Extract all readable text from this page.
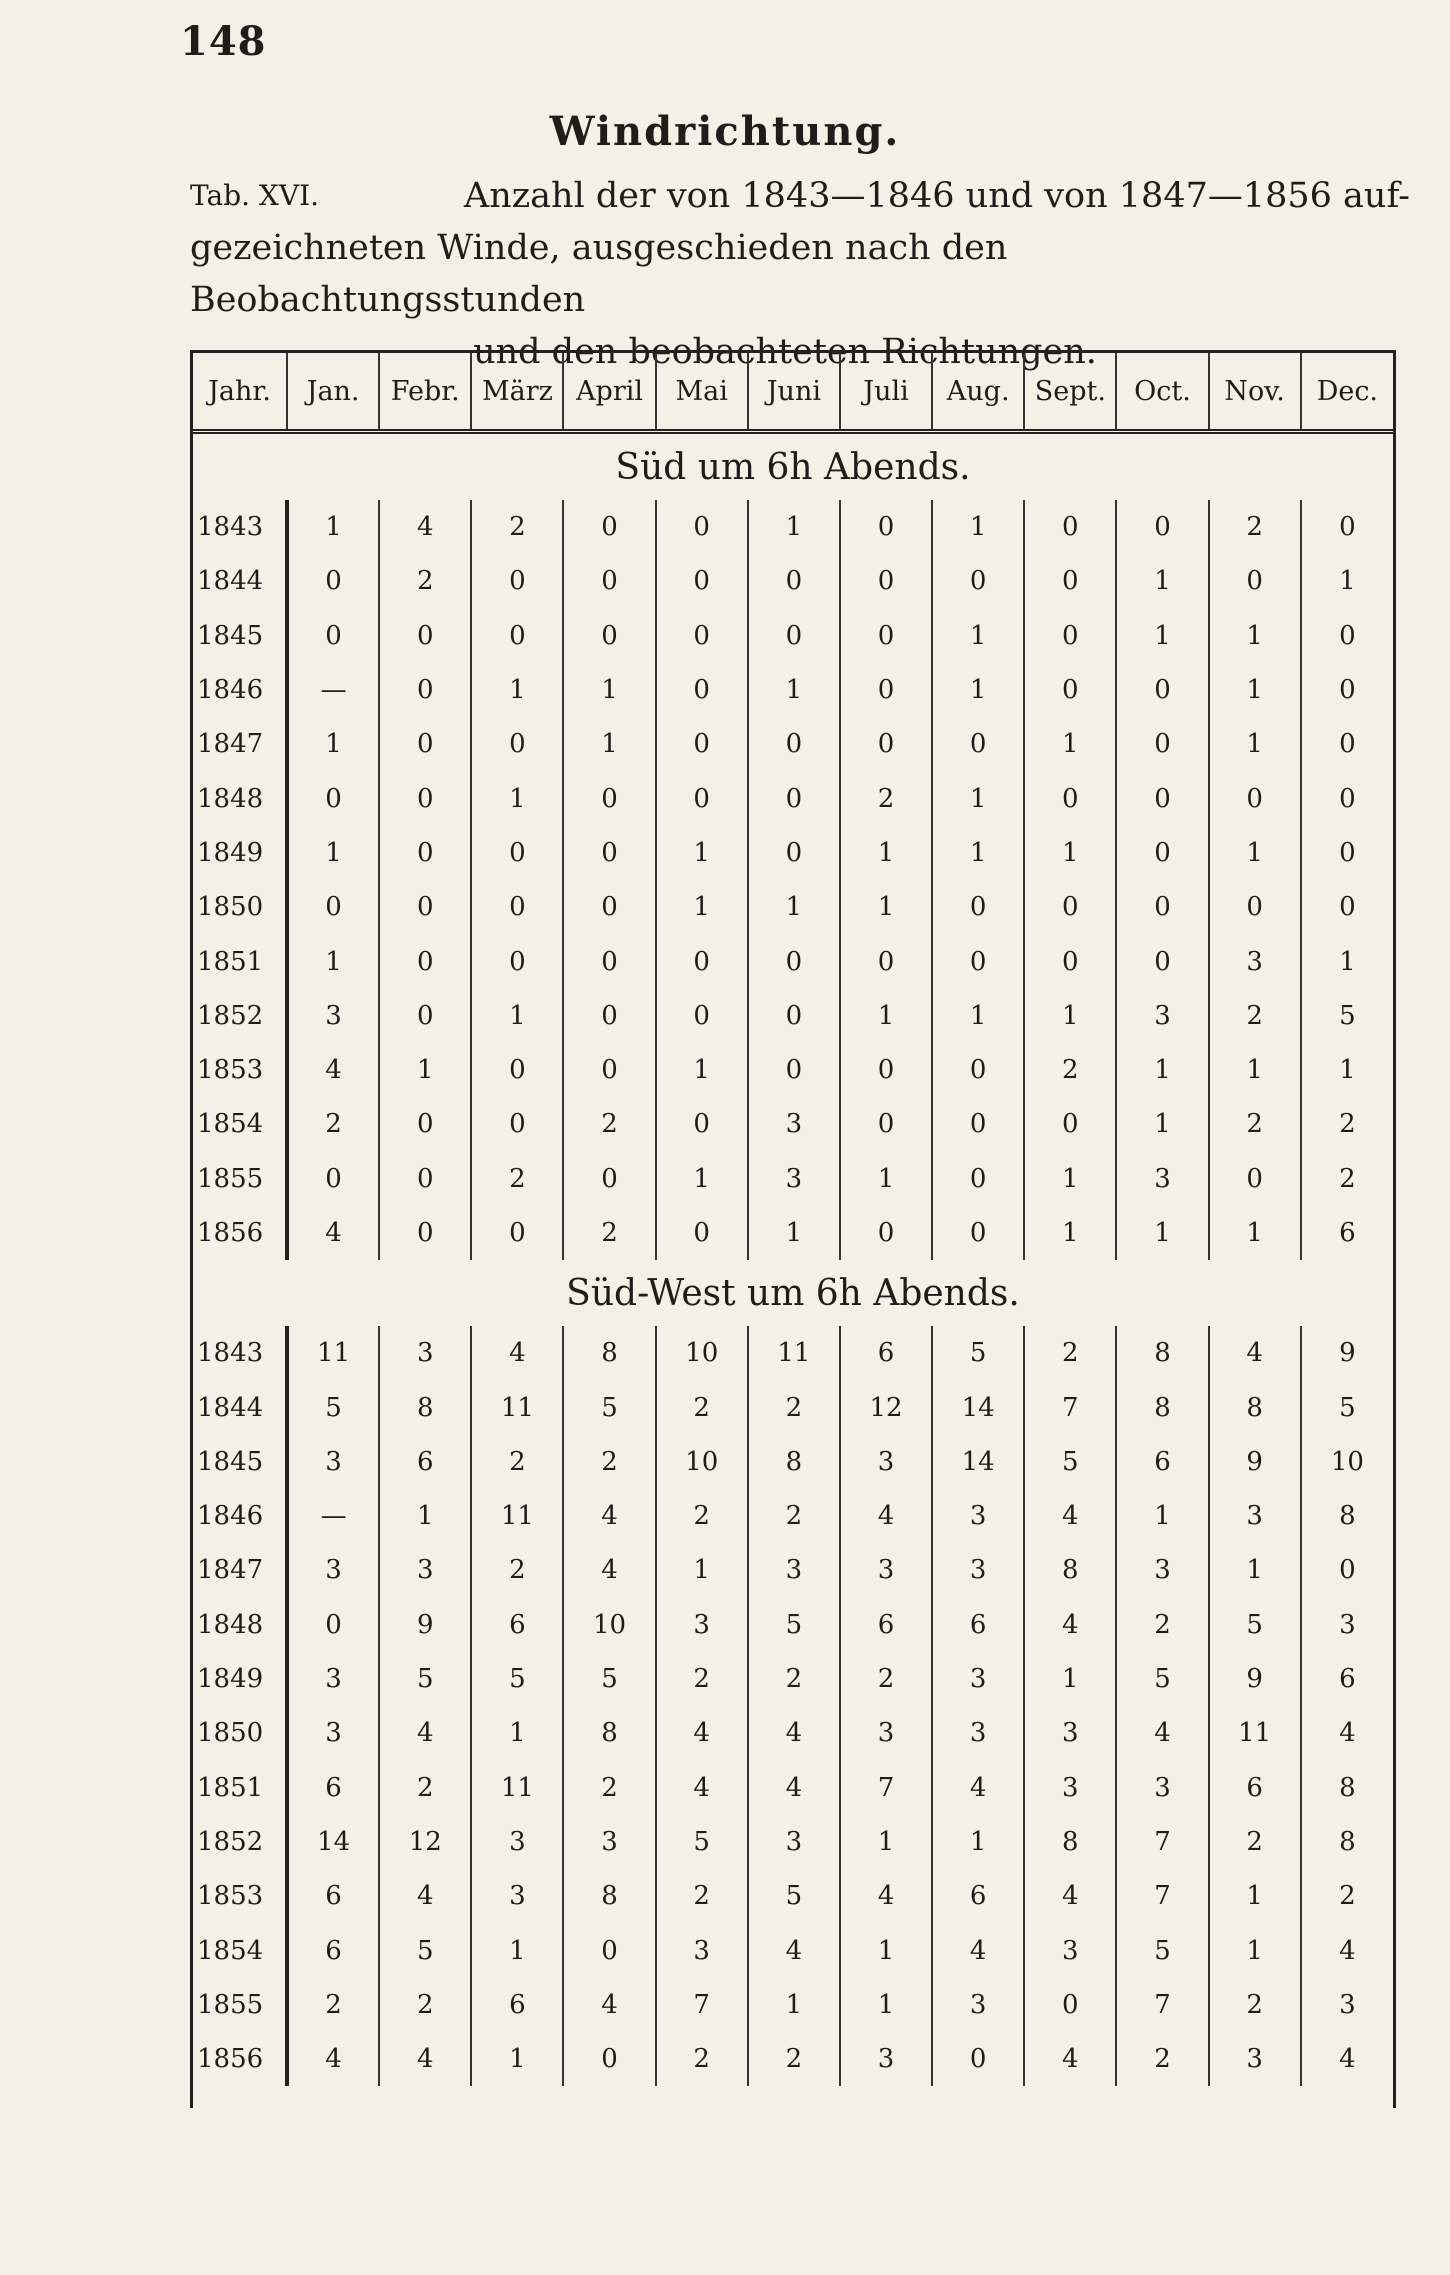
148
Windrichtung.
Tab. XVI.	Anzahl der von 1843—1846 und von 1847—1856 auf-
gezeichneten Winde, ausgeschieden nach den Beobachtungsstunden
und den beobachteten Richtungen.
Jahr.	Jan.	Febr.	März	April	Mai	Juni	Juli	Aug.	Sept.	Oct.	Nov.	Dec.
Süd um 6h Abends.												
1843	1	4	2	0	0	1	0	1	0	0	2	0
1844	0	2	0	0	0	0	0	0	0	1	0	1
1845	0	0	0	0	0	0	0	1	0	1	1	0
1846	—	0	1	1	0	1	0	1	0	0	1	0
1847	1	0	0	1	0	0	0	0	1	0	1	0
1848	0	0	1	0	0	0	2	1	0	0	0	0
1849	1	0	0	0	1	0	1	1	1	0	1	0
1850	0	0	0	0	1	1	1	0	0	0	0	0
1851	1	0	0	0	0	0	0	0	0	0	3	1
1852	3	0	1	0	0	0	1	1	1	3	2	5
1853	4	1	0	0	1	0	0	0	2	1	1	1
1854	2	0	0	2	0	3	0	0	0	1	2	2
1855	0	0	2	0	1	3	1	0	1	3	0	2
1856	4	0	0	2	0	1	0	0	1	1	1	6
Süd-West um 6h Abends.												
1843	11	3	4	8	10	11	6	5	2	8	4	9
1844	5	8	11	5	2	2	12	14	7	8	8	5
1845	3	6	2	2	10	8	3	14	5	6	9	10
1846	—	1	11	4	2	2	4	3	4	1	3	8
1847	3	3	2	4	1	3	3	3	8	3	1	0
1848	0	9	6	10	3	5	6	6	4	2	5	3
1849	3	5	5	5	2	2	2	3	1	5	9	6
1850	3	4	1	8	4	4	3	3	3	4	11	4
1851	6	2	11	2	4	4	7	4	3	3	6	8
1852	14	12	3	3	5	3	1	1	8	7	2	8
1853	6	4	3	8	2	5	4	6	4	7	1	2
1854	6	5	1	0	3	4	1	4	3	5	1	4
1855	2	2	6	4	7	1	1	3	0	7	2	3
1856	4	4	1	0	2	2	3	0	4	2	3	4
